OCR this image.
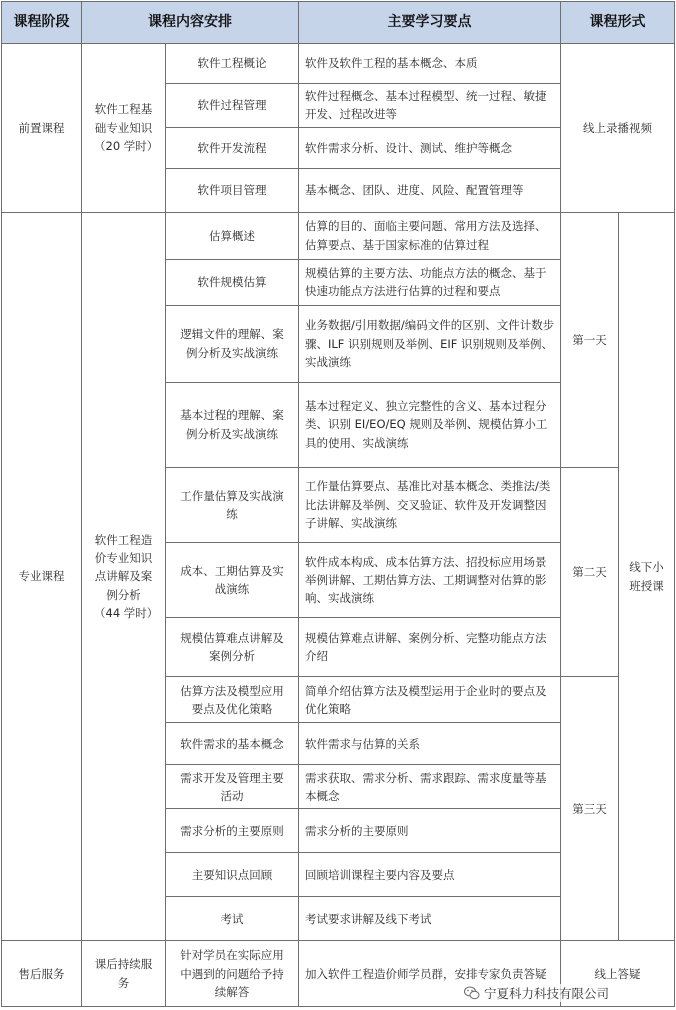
课程阶段	课程内容安排		主要学习要点	课程形式	
前置课程	软件工程基础专业知识（20 学时）	软件工程概论	软件及软件工程的基本概念、本质	线上录播视频	
		软件过程管理	软件过程概念、基本过程模型、统一过程、敏捷开发、过程改进等		
		软件开发流程	软件需求分析、设计、测试、维护等概念		
		软件项目管理	基本概念、团队、进度、风险、配置管理等		
专业课程	软件工程造价专业知识点讲解及案例分析（44 学时）	估算概述	估算的目的、面临主要问题、常用方法及选择、估算要点、基于国家标准的估算过程	第一天	线下小班授课
		软件规模估算	规模估算的主要方法、功能点方法的概念、基于快速功能点方法进行估算的过程和要点		
		逻辑文件的理解、案例分析及实战演练	业务数据/引用数据/编码文件的区别、文件计数步骤、ILF 识别规则及举例、EIF 识别规则及举例、实战演练		
		基本过程的理解、案例分析及实战演练	基本过程定义、独立完整性的含义、基本过程分类、识别 EI/EO/EQ 规则及举例、规模估算小工具的使用、实战演练		
		工作量估算及实战演练	工作量估算要点、基准比对基本概念、类推法/类比法讲解及举例、交叉验证、软件及开发调整因子讲解、实战演练	第二天	
		成本、工期估算及实战演练	软件成本构成、成本估算方法、招投标应用场景举例讲解、工期估算方法、工期调整对估算的影响、实战演练		
		规模估算难点讲解及案例分析	规模估算难点讲解、案例分析、完整功能点方法介绍		
		估算方法及模型应用要点及优化策略	简单介绍估算方法及模型运用于企业时的要点及优化策略	第三天	
		软件需求的基本概念	软件需求与估算的关系		
		需求开发及管理主要活动	需求获取、需求分析、需求跟踪、需求度量等基本概念		
		需求分析的主要原则	需求分析的主要原则		
		主要知识点回顾	回顾培训课程主要内容及要点		
		考试	考试要求讲解及线下考试		
售后服务	课后持续服务	针对学员在实际应用中遇到的问题给予持续解答	加入软件工程造价师学员群，安排专家负责答疑	线上答疑	
宁夏科力科技有限公司
